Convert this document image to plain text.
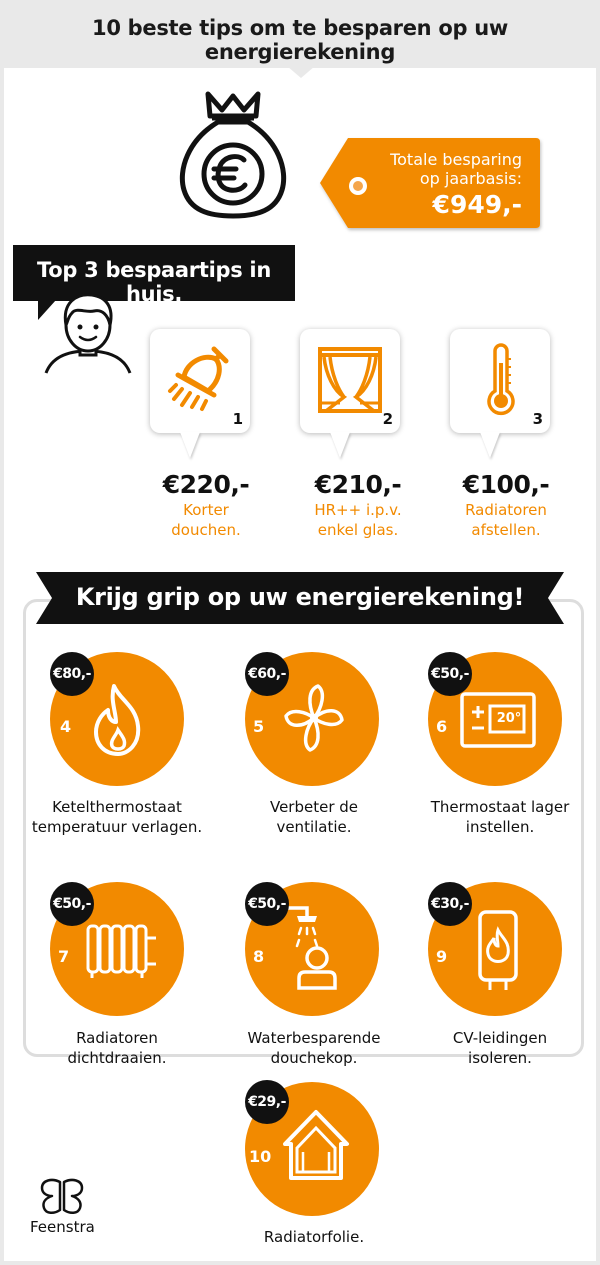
10 beste tips om te besparen op uw energierekening
Totale besparing
op jaarbasis:
€949,-
Top 3 bespaartips in huis.
1	2	3
€220,-
Korter
douchen.
€210,-
HR++ i.p.v.
enkel glas.
€100,-
Radiatoren
afstellen.
Krijg grip op uw energierekening!
4
€80,-
Ketelthermostaat
temperatuur verlagen.
5
€60,-
Verbeter de
ventilatie.
20°
6
€50,-
Thermostaat lager
instellen.
7
€50,-
Radiatoren
dichtdraaien.
8
€50,-
Waterbesparende
douchekop.
9
€30,-
CV-leidingen
isoleren.
10
€29,-
Radiatorfolie.
Feenstra
